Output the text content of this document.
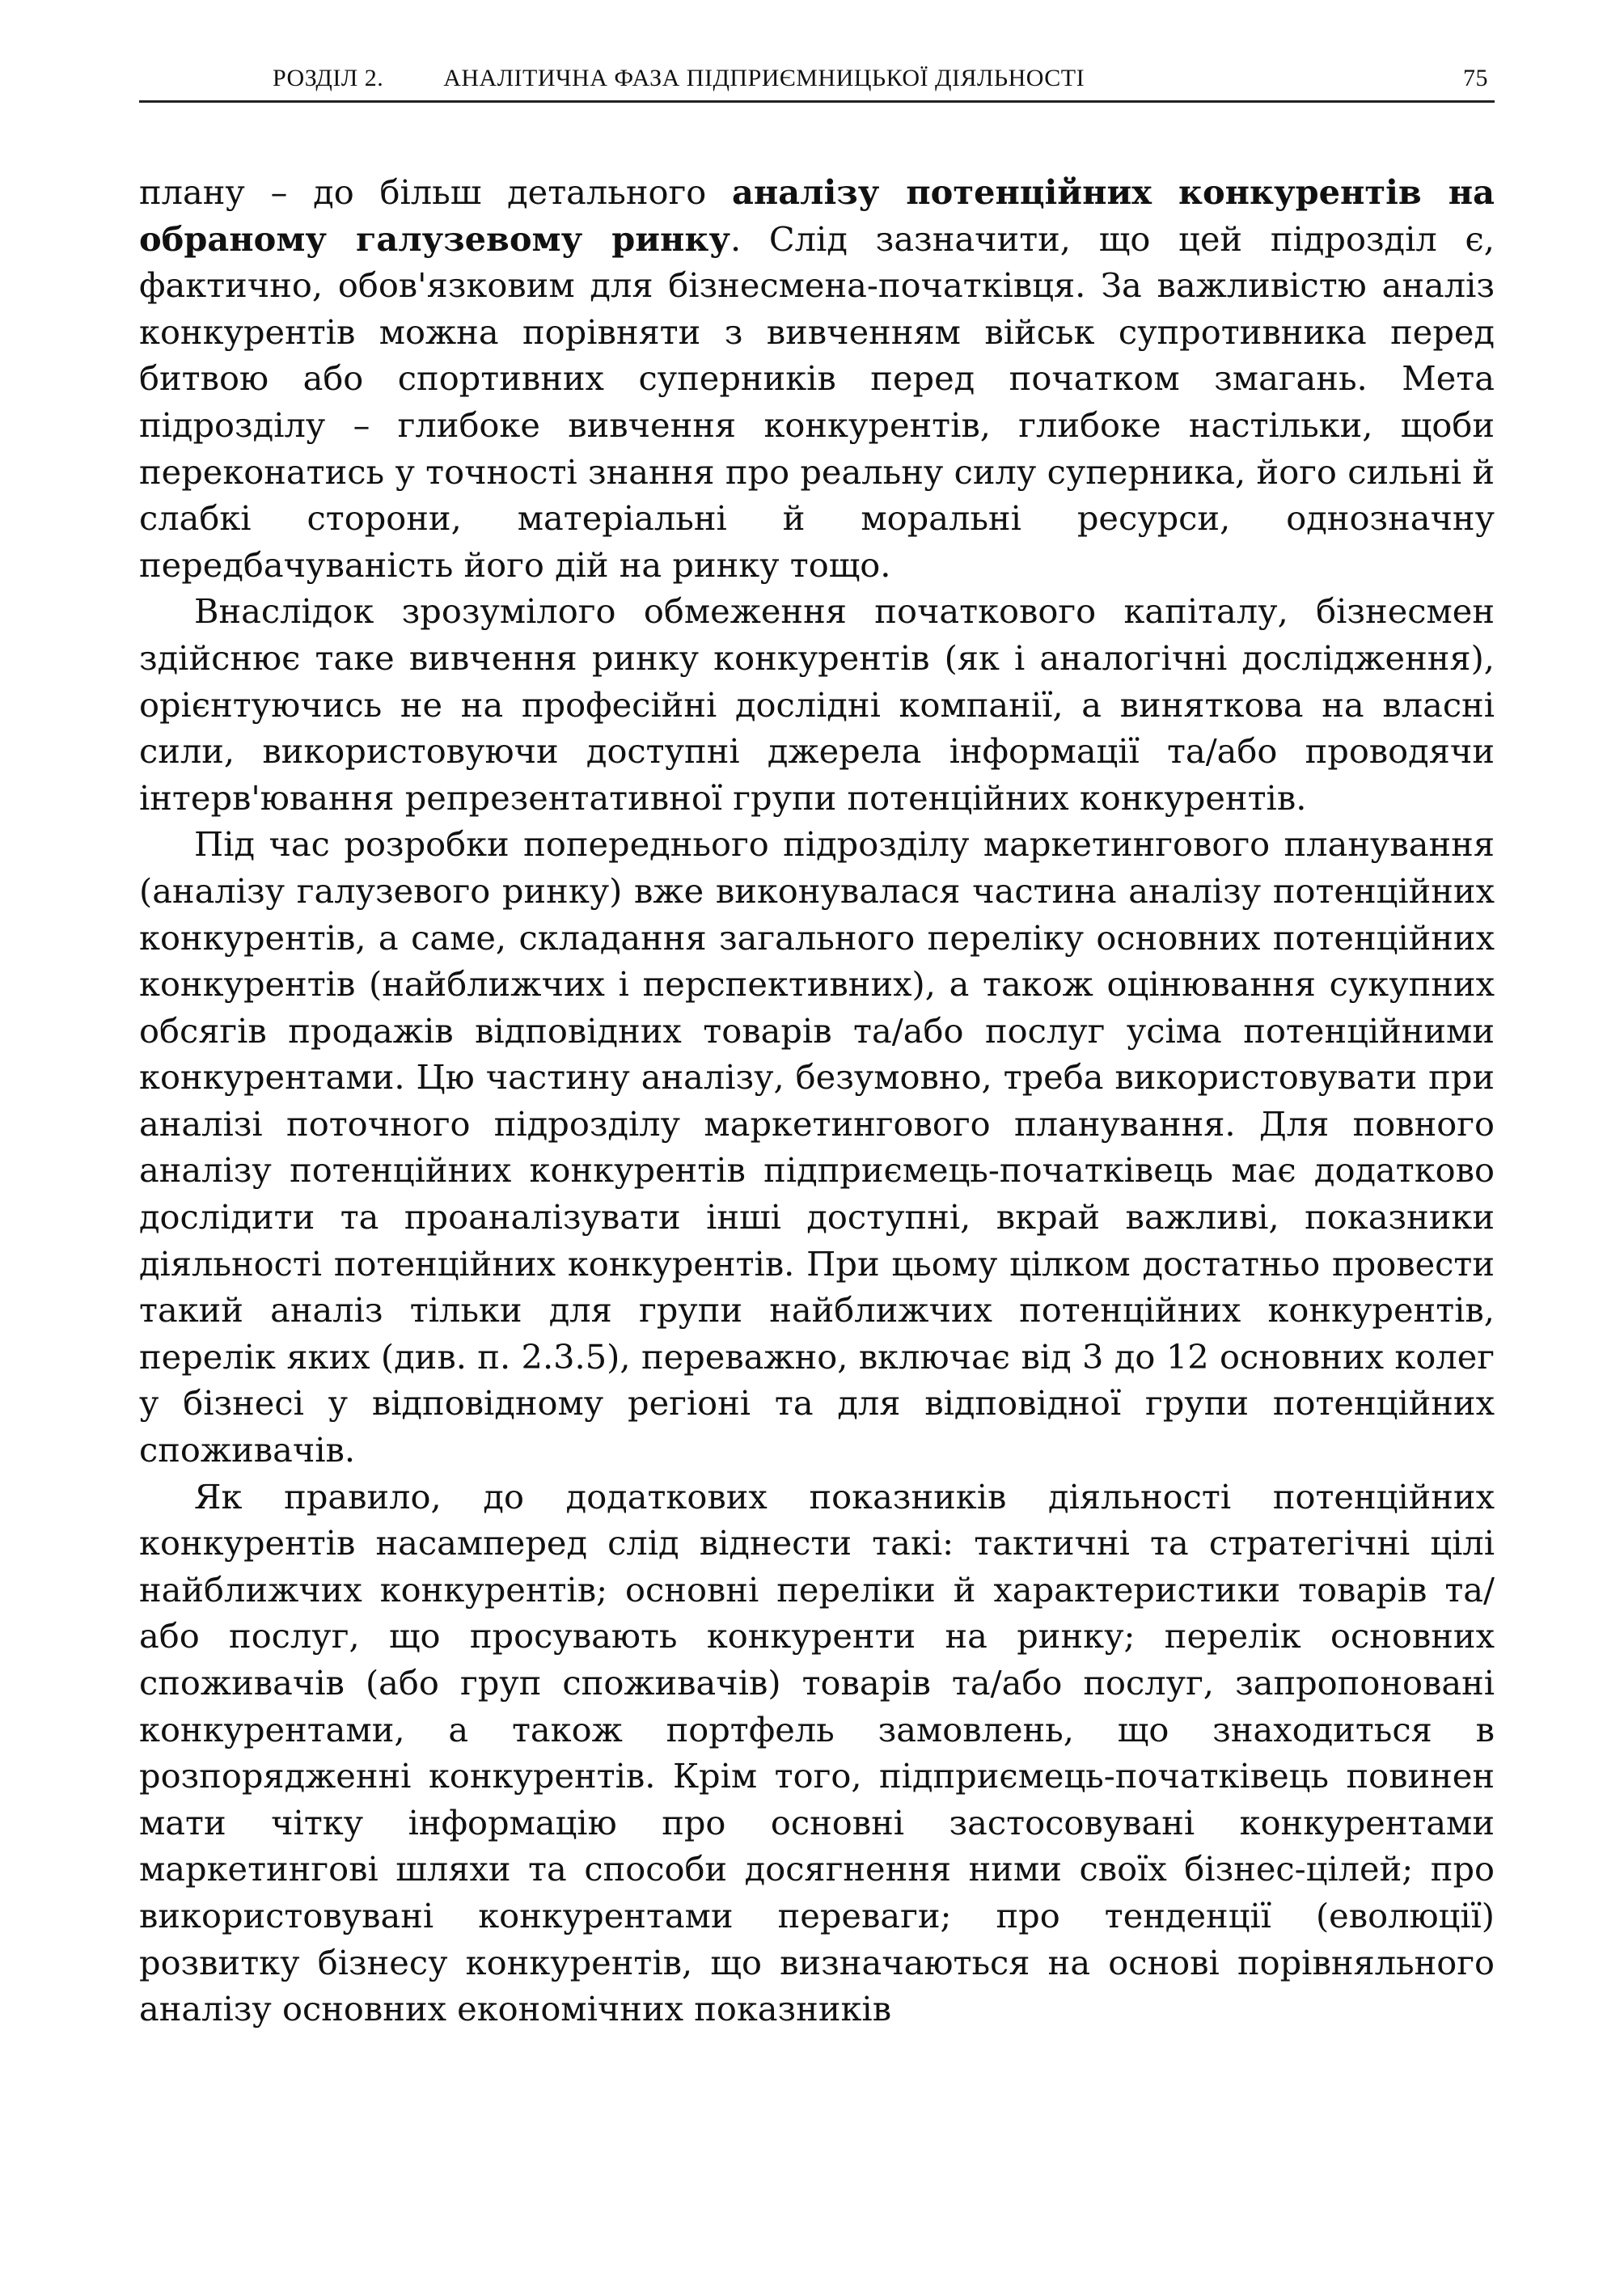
РОЗДІЛ 2. АНАЛІТИЧНА ФАЗА ПІДПРИЄМНИЦЬКОЇ ДІЯЛЬНОСТІ	75

плану – до більш детального аналізу потенційних конкурентів на обраному галузевому ринку. Слід зазначити, що цей підрозділ є, фактично, обов'язковим для бізнесмена-початківця. За важливістю аналіз конкурентів можна порівняти з вивченням військ супротивника перед битвою або спортивних суперників перед початком змагань. Мета підрозділу – глибоке вивчення конкурентів, глибоке настільки, щоби переконатись у точності знання про реальну силу суперника, його сильні й слабкі сторони, матеріальні й моральні ресурси, однозначну передбачуваність його дій на ринку тощо.

Внаслідок зрозумілого обмеження початкового капіталу, бізнесмен здійснює таке вивчення ринку конкурентів (як і аналогічні дослідження), орієнтуючись не на професійні дослідні компанії, а виняткова на власні сили, використовуючи доступні джерела інформації та/або проводячи інтерв'ювання репрезентативної групи потенційних конкурентів.

Під час розробки попереднього підрозділу маркетингового планування (аналізу галузевого ринку) вже виконувалася частина аналізу потенційних конкурентів, а саме, складання загального переліку основних потенційних конкурентів (найближчих і перспективних), а також оцінювання сукупних обсягів продажів відповідних товарів та/або послуг усіма потенційними конкурентами. Цю частину аналізу, безумовно, треба використовувати при аналізі поточного підрозділу маркетингового планування. Для повного аналізу потенційних конкурентів підприємець-початківець має додатково дослідити та проаналізувати інші доступні, вкрай важливі, показники діяльності потенційних конкурентів. При цьому цілком достатньо провести такий аналіз тільки для групи найближчих потенційних конкурентів, перелік яких (див. п. 2.3.5), переважно, включає від 3 до 12 основних колег у бізнесі у відповідному регіоні та для відповідної групи потенційних споживачів.

Як правило, до додаткових показників діяльності потенційних конкурентів насамперед слід віднести такі: тактичні та стратегічні цілі найближчих конкурентів; основні переліки й характеристики товарів та/або послуг, що просувають конкуренти на ринку; перелік основних споживачів (або груп споживачів) товарів та/або послуг, запропоновані конкурентами, а також портфель замовлень, що знаходиться в розпорядженні конкурентів. Крім того, підприємець-початківець повинен мати чітку інформацію про основні застосовувані конкурентами маркетингові шляхи та способи досягнення ними своїх бізнес-цілей; про використовувані конкурентами переваги; про тенденції (еволюції) розвитку бізнесу конкурентів, що визначаються на основі порівняльного аналізу основних економічних показників
